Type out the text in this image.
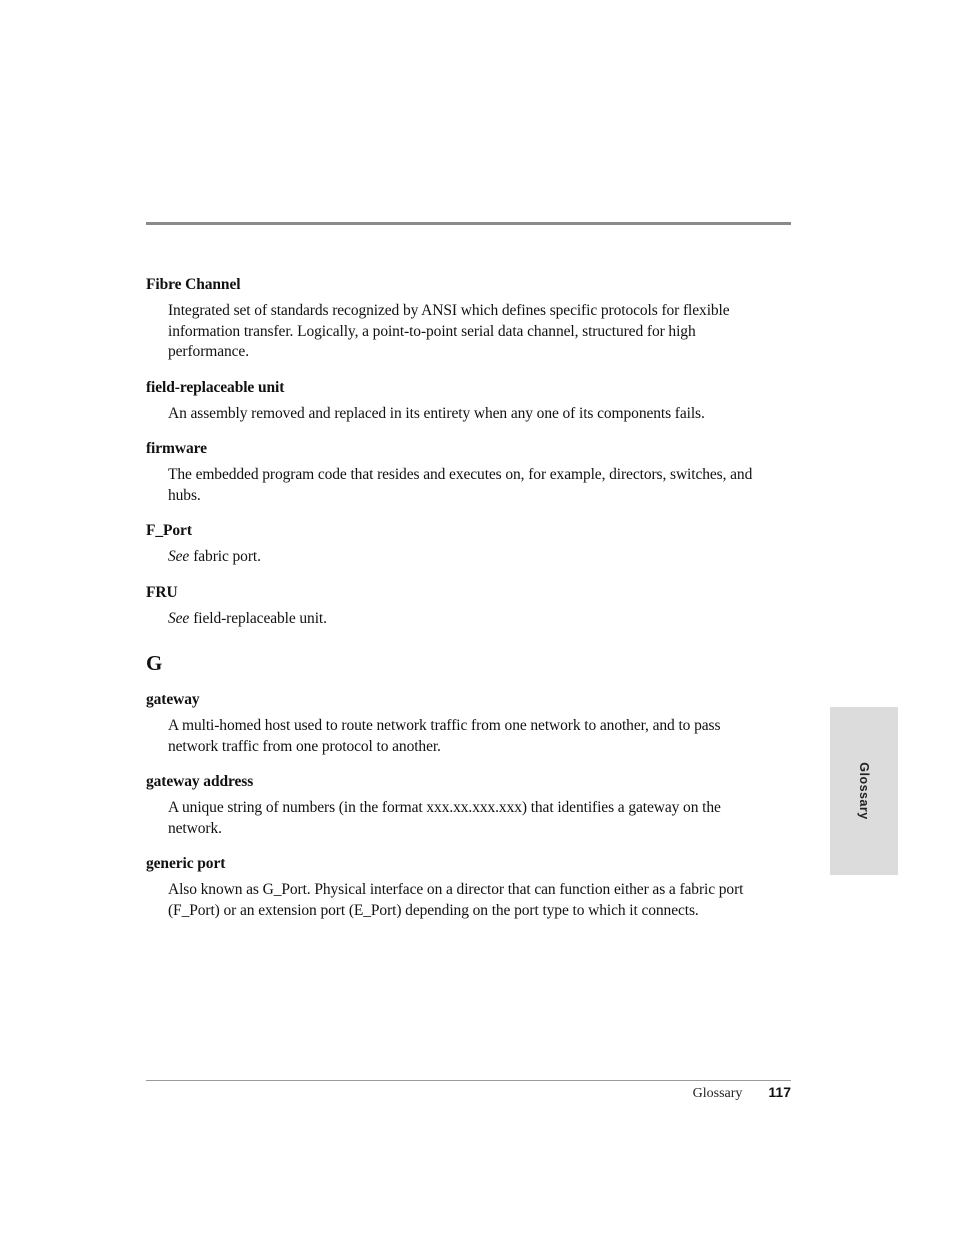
Fibre Channel

Integrated set of standards recognized by ANSI which defines specific protocols for flexible information transfer. Logically, a point-to-point serial data channel, structured for high performance.

field-replaceable unit

An assembly removed and replaced in its entirety when any one of its components fails.

firmware

The embedded program code that resides and executes on, for example, directors, switches, and hubs.

F_Port

See fabric port.

FRU

See field-replaceable unit.

G

gateway

A multi-homed host used to route network traffic from one network to another, and to pass network traffic from one protocol to another.

gateway address

A unique string of numbers (in the format xxx.xx.xxx.xxx) that identifies a gateway on the network.

generic port

Also known as G_Port. Physical interface on a director that can function either as a fabric port (F_Port) or an extension port (E_Port) depending on the port type to which it connects.

Glossary
Glossary 117
